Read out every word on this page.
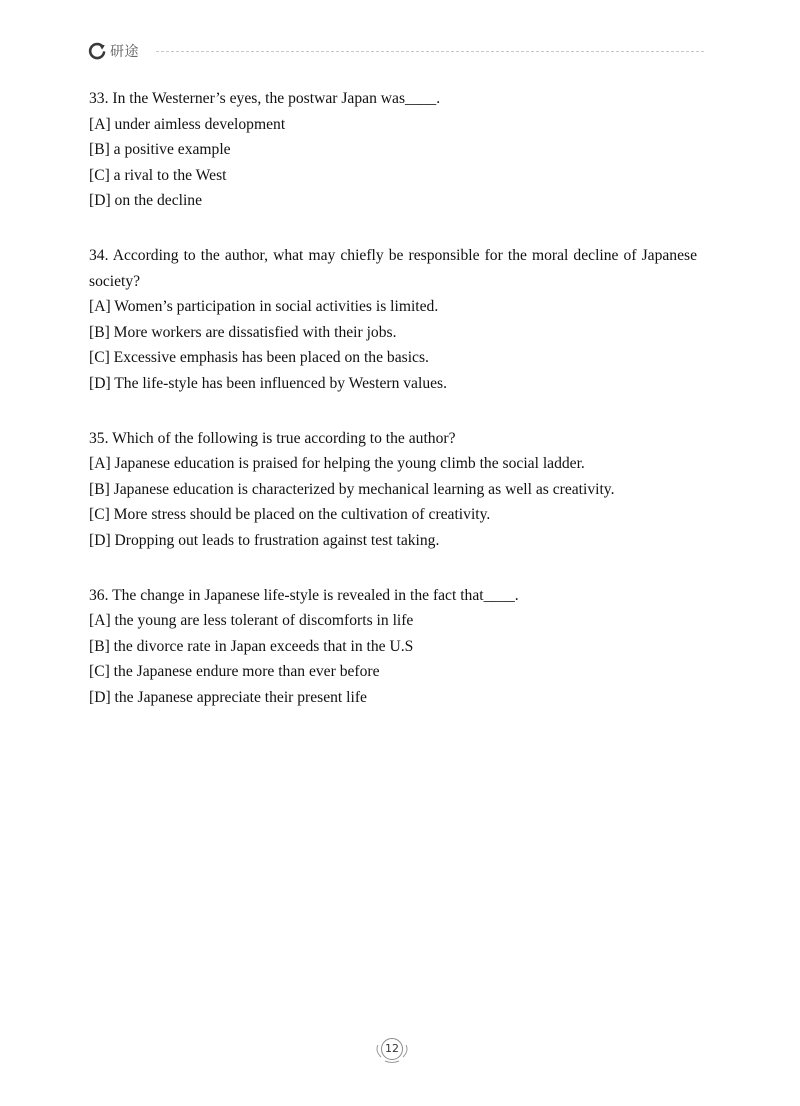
研途

33. In the Westerner’s eyes, the postwar Japan was____.

[A] under aimless development

[B] a positive example

[C] a rival to the West

[D] on the decline

34. According to the author, what may chiefly be responsible for the moral decline of Japanese society?

[A] Women’s participation in social activities is limited.

[B] More workers are dissatisfied with their jobs.

[C] Excessive emphasis has been placed on the basics.

[D] The life-style has been influenced by Western values.

35. Which of the following is true according to the author?

[A] Japanese education is praised for helping the young climb the social ladder.

[B] Japanese education is characterized by mechanical learning as well as creativity.

[C] More stress should be placed on the cultivation of creativity.

[D] Dropping out leads to frustration against test taking.

36. The change in Japanese life-style is revealed in the fact that____.

[A] the young are less tolerant of discomforts in life

[B] the divorce rate in Japan exceeds that in the U.S

[C] the Japanese endure more than ever before

[D] the Japanese appreciate their present life

12
